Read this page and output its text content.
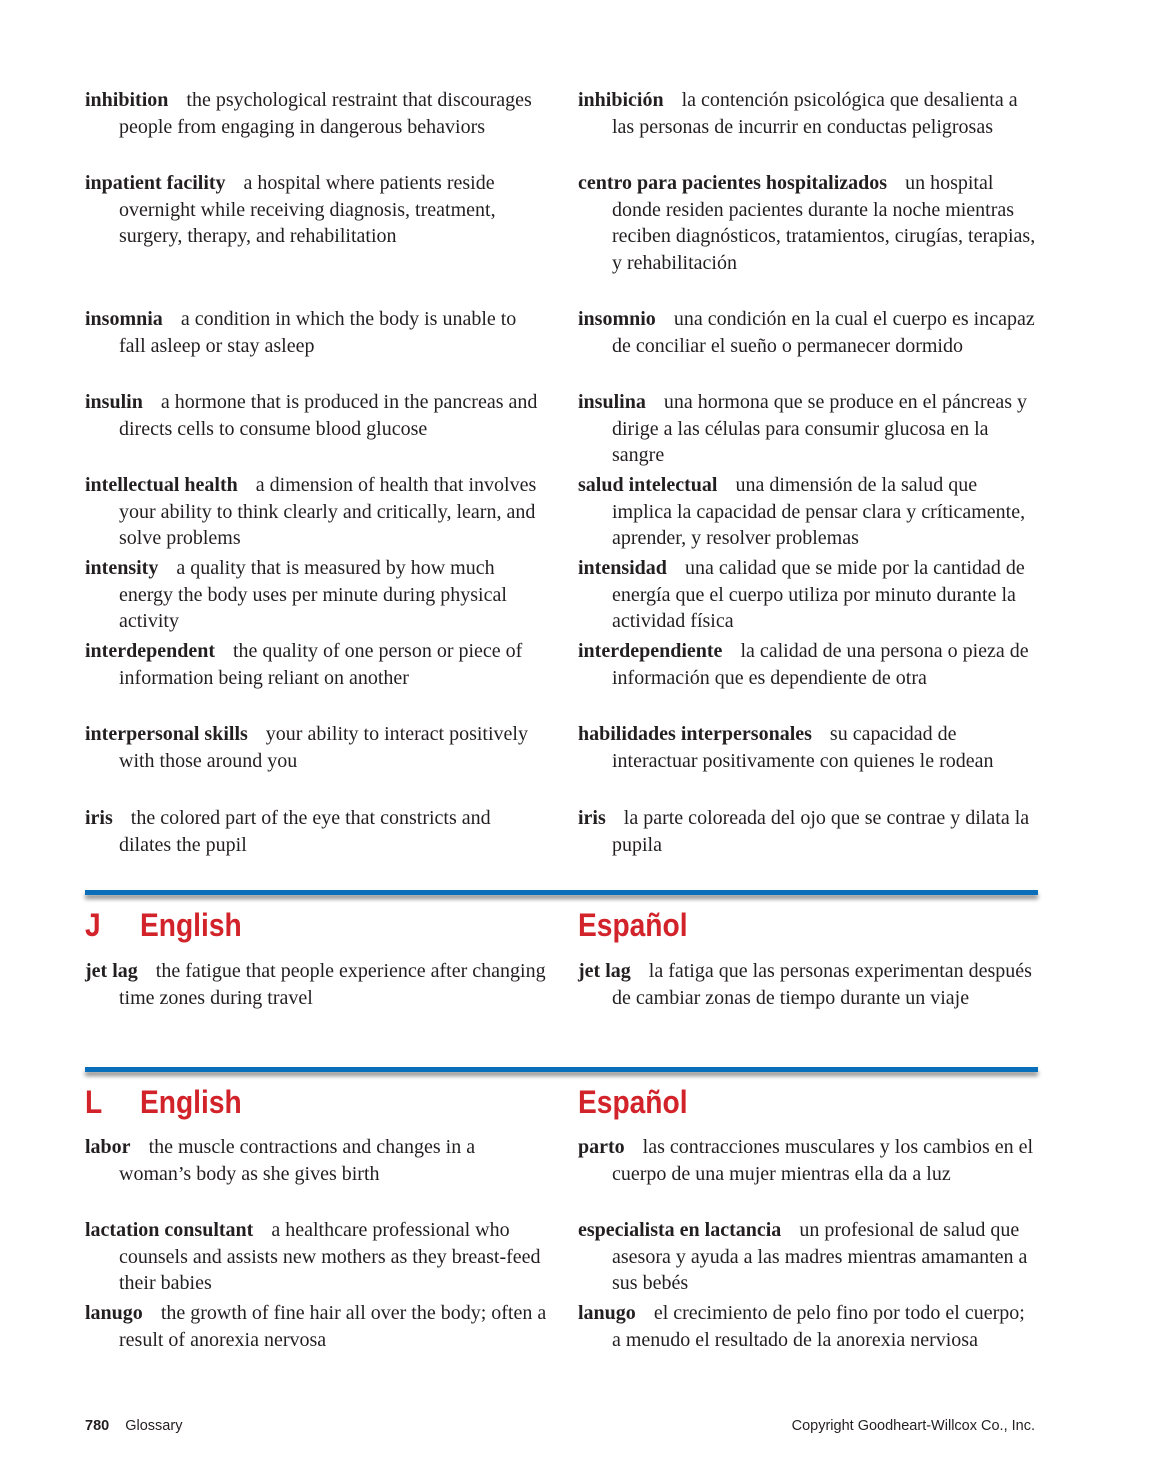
inhibition the psychological restraint that discourages people from engaging in dangerous behaviors
inhibición la contención psicológica que desalienta a las personas de incurrir en conductas peligrosas
inpatient facility a hospital where patients reside overnight while receiving diagnosis, treatment, surgery, therapy, and rehabilitation
centro para pacientes hospitalizados un hospital donde residen pacientes durante la noche mientras reciben diagnósticos, tratamientos, cirugías, terapias, y rehabilitación
insomnia a condition in which the body is unable to fall asleep or stay asleep
insomnio una condición en la cual el cuerpo es incapaz de conciliar el sueño o permanecer dormido
insulin a hormone that is produced in the pancreas and directs cells to consume blood glucose
insulina una hormona que se produce en el páncreas y dirige a las células para consumir glucosa en la sangre
intellectual health a dimension of health that involves your ability to think clearly and critically, learn, and solve problems
salud intelectual una dimensión de la salud que implica la capacidad de pensar clara y críticamente, aprender, y resolver problemas
intensity a quality that is measured by how much energy the body uses per minute during physical activity
intensidad una calidad que se mide por la cantidad de energía que el cuerpo utiliza por minuto durante la actividad física
interdependent the quality of one person or piece of information being reliant on another
interdependiente la calidad de una persona o pieza de información que es dependiente de otra
interpersonal skills your ability to interact positively with those around you
habilidades interpersonales su capacidad de interactuar positivamente con quienes le rodean
iris the colored part of the eye that constricts and dilates the pupil
iris la parte coloreada del ojo que se contrae y dilata la pupila
J English	Español
jet lag the fatigue that people experience after changing time zones during travel
jet lag la fatiga que las personas experimentan después de cambiar zonas de tiempo durante un viaje
L English	Español
labor the muscle contractions and changes in a woman’s body as she gives birth
parto las contracciones musculares y los cambios en el cuerpo de una mujer mientras ella da a luz
lactation consultant a healthcare professional who counsels and assists new mothers as they breast-feed their babies
especialista en lactancia un profesional de salud que asesora y ayuda a las madres mientras amamanten a sus bebés
lanugo the growth of fine hair all over the body; often a result of anorexia nervosa
lanugo el crecimiento de pelo fino por todo el cuerpo; a menudo el resultado de la anorexia nerviosa
780 Glossary	Copyright Goodheart-Willcox Co., Inc.
